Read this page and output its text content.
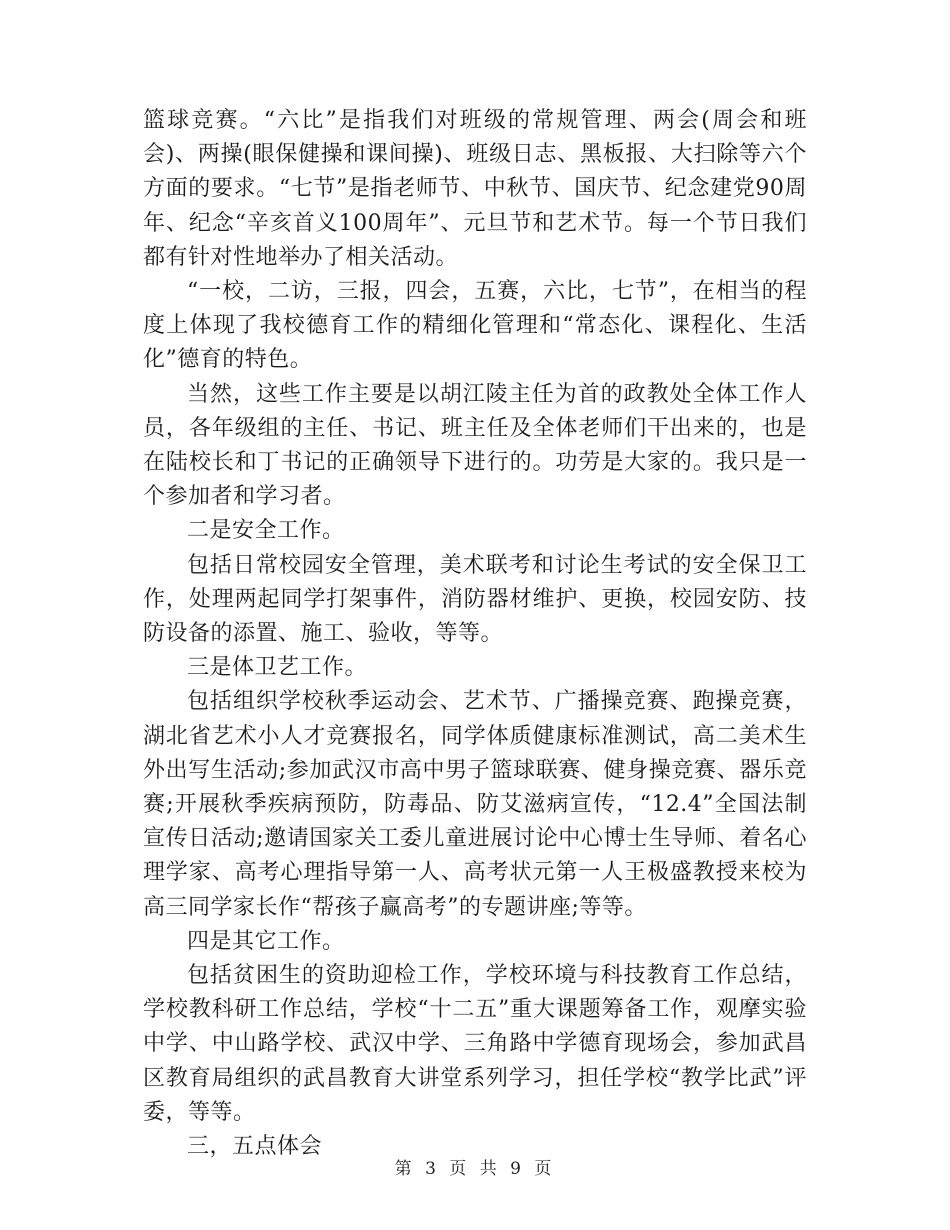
篮球竞赛。“六比”是指我们对班级的常规管理、两会(周会和班会)、两操(眼保健操和课间操)、班级日志、黑板报、大扫除等六个方面的要求。“七节”是指老师节、中秋节、国庆节、纪念建党90周年、纪念“辛亥首义100周年”、元旦节和艺术节。每一个节日我们都有针对性地举办了相关活动。

“一校，二访，三报，四会，五赛，六比，七节”，在相当的程度上体现了我校德育工作的精细化管理和“常态化、课程化、生活化”德育的特色。

当然，这些工作主要是以胡江陵主任为首的政教处全体工作人员，各年级组的主任、书记、班主任及全体老师们干出来的，也是在陆校长和丁书记的正确领导下进行的。功劳是大家的。我只是一个参加者和学习者。

二是安全工作。

包括日常校园安全管理，美术联考和讨论生考试的安全保卫工作，处理两起同学打架事件，消防器材维护、更换，校园安防、技防设备的添置、施工、验收，等等。

三是体卫艺工作。

包括组织学校秋季运动会、艺术节、广播操竞赛、跑操竞赛，湖北省艺术小人才竞赛报名，同学体质健康标准测试，高二美术生外出写生活动;参加武汉市高中男子篮球联赛、健身操竞赛、器乐竞赛;开展秋季疾病预防，防毒品、防艾滋病宣传，“12.4”全国法制宣传日活动;邀请国家关工委儿童进展讨论中心博士生导师、着名心理学家、高考心理指导第一人、高考状元第一人王极盛教授来校为高三同学家长作“帮孩子赢高考”的专题讲座;等等。

四是其它工作。

包括贫困生的资助迎检工作，学校环境与科技教育工作总结，学校教科研工作总结，学校“十二五”重大课题筹备工作，观摩实验中学、中山路学校、武汉中学、三角路中学德育现场会，参加武昌区教育局组织的武昌教育大讲堂系列学习，担任学校“教学比武”评委，等等。

三，五点体会

第 3 页 共 9 页
